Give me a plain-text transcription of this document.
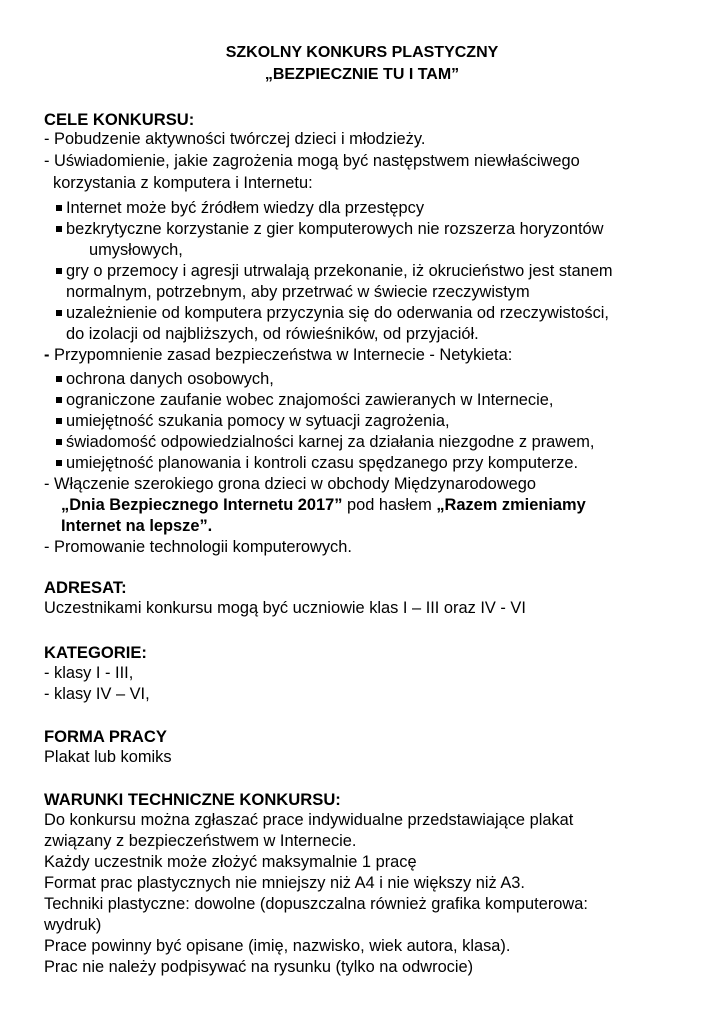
SZKOLNY KONKURS PLASTYCZNY
„BEZPIECZNIE TU I TAM”
CELE KONKURSU:
- Pobudzenie aktywności twórczej dzieci i młodzieży.
- Uświadomienie, jakie zagrożenia mogą być następstwem niewłaściwego
korzystania z komputera i Internetu:
Internet może być źródłem wiedzy dla przestępcy
bezkrytyczne korzystanie z gier komputerowych nie rozszerza horyzontów
umysłowych,
gry o przemocy i agresji utrwalają przekonanie, iż okrucieństwo jest stanem
normalnym, potrzebnym, aby przetrwać w świecie rzeczywistym
uzależnienie od komputera przyczynia się do oderwania od rzeczywistości,
do izolacji od najbliższych, od rówieśników, od przyjaciół.
- Przypomnienie zasad bezpieczeństwa w Internecie - Netykieta:
ochrona danych osobowych,
ograniczone zaufanie wobec znajomości zawieranych w Internecie,
umiejętność szukania pomocy w sytuacji zagrożenia,
świadomość odpowiedzialności karnej za działania niezgodne z prawem,
umiejętność planowania i kontroli czasu spędzanego przy komputerze.
- Włączenie szerokiego grona dzieci w obchody Międzynarodowego
„Dnia Bezpiecznego Internetu 2017” pod hasłem „Razem zmieniamy
Internet na lepsze”.
- Promowanie technologii komputerowych.
ADRESAT:
Uczestnikami konkursu mogą być uczniowie klas I – III oraz IV - VI
KATEGORIE:
- klasy I - III,
- klasy IV – VI,
FORMA PRACY
Plakat lub komiks
WARUNKI TECHNICZNE KONKURSU:
Do konkursu można zgłaszać prace indywidualne przedstawiające plakat
związany z bezpieczeństwem w Internecie.
Każdy uczestnik może złożyć maksymalnie 1 pracę
Format prac plastycznych nie mniejszy niż A4 i nie większy niż A3.
Techniki plastyczne: dowolne (dopuszczalna również grafika komputerowa:
wydruk)
Prace powinny być opisane (imię, nazwisko, wiek autora, klasa).
Prac nie należy podpisywać na rysunku (tylko na odwrocie)
